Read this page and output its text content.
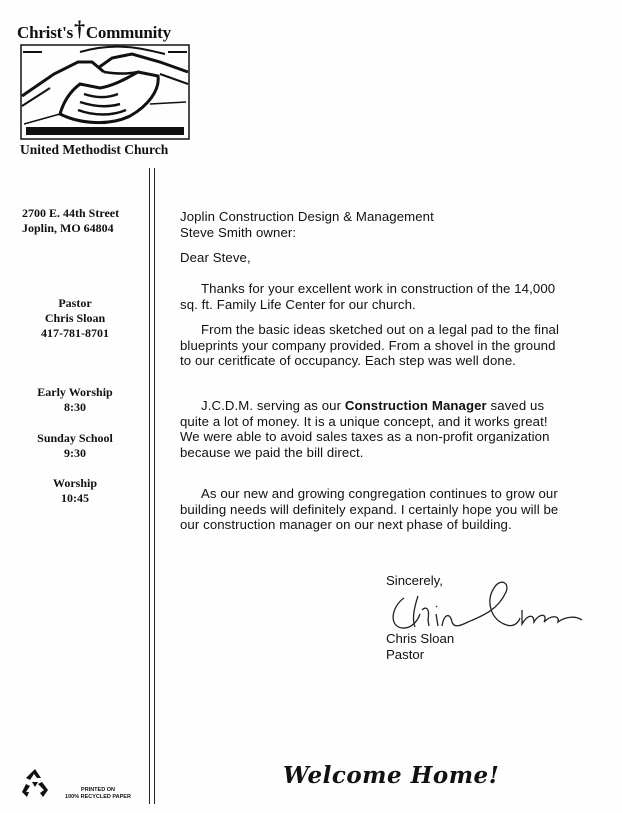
Christ's†Community
United Methodist Church
2700 E. 44th Street
Joplin, MO 64804
Pastor
Chris Sloan
417-781-8701
Early Worship
8:30
Sunday School
9:30
Worship
10:45
Joplin Construction Design & Management
Steve Smith owner:
Dear Steve,
Thanks for your excellent work in construction of the 14,000 sq. ft. Family Life Center for our church.
From the basic ideas sketched out on a legal pad to the final blueprints your company provided. From a shovel in the ground to our ceritficate of occupancy. Each step was well done.
J.C.D.M. serving as our Construction Manager saved us quite a lot of money. It is a unique concept, and it works great! We were able to avoid sales taxes as a non-profit organization because we paid the bill direct.
As our new and growing congregation continues to grow our building needs will definitely expand. I certainly hope you will be our construction manager on our next phase of building.
Sincerely,
Chris Sloan
Pastor
PRINTED ON
100% RECYCLED PAPER
Welcome Home!
